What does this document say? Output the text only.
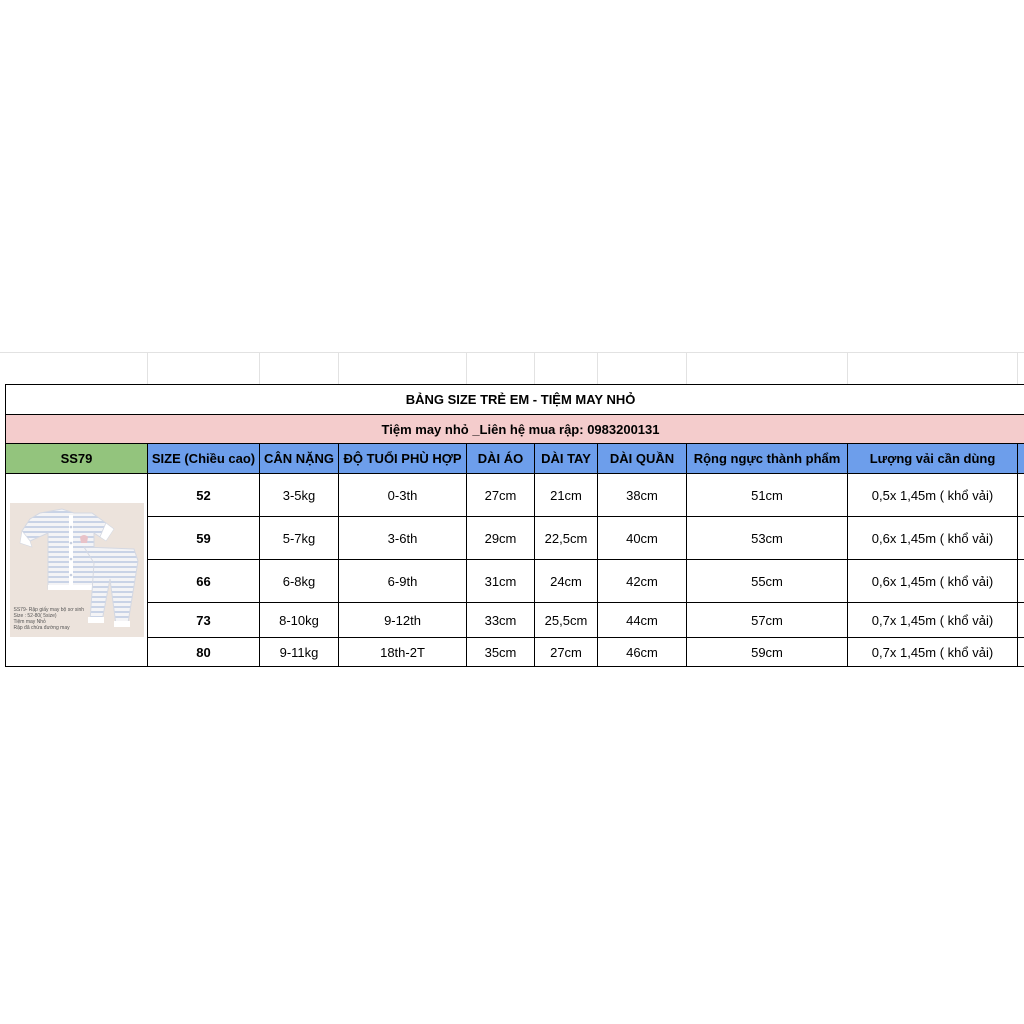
BẢNG SIZE TRẺ EM - TIỆM MAY NHỎ									
Tiệm may nhỏ _Liên hệ mua rập: 0983200131									
SS79	SIZE (Chiều cao)	CÂN NẶNG	ĐỘ TUỔI PHÙ HỢP	DÀI ÁO	DÀI TAY	DÀI QUẦN	Rộng ngực thành phẩm	Lượng vải cần dùng	

SS79- Rập giấy may bộ sơ sinh
Size : 52-80( 5size)
Tiệm may Nhỏ
Rập đã chừa đường may	52	3-5kg	0-3th	27cm	21cm	38cm	51cm	0,5x 1,45m ( khổ vải)	
	59	5-7kg	3-6th	29cm	22,5cm	40cm	53cm	0,6x 1,45m ( khổ vải)	
	66	6-8kg	6-9th	31cm	24cm	42cm	55cm	0,6x 1,45m ( khổ vải)	
	73	8-10kg	9-12th	33cm	25,5cm	44cm	57cm	0,7x 1,45m ( khổ vải)	
	80	9-11kg	18th-2T	35cm	27cm	46cm	59cm	0,7x 1,45m ( khổ vải)	
